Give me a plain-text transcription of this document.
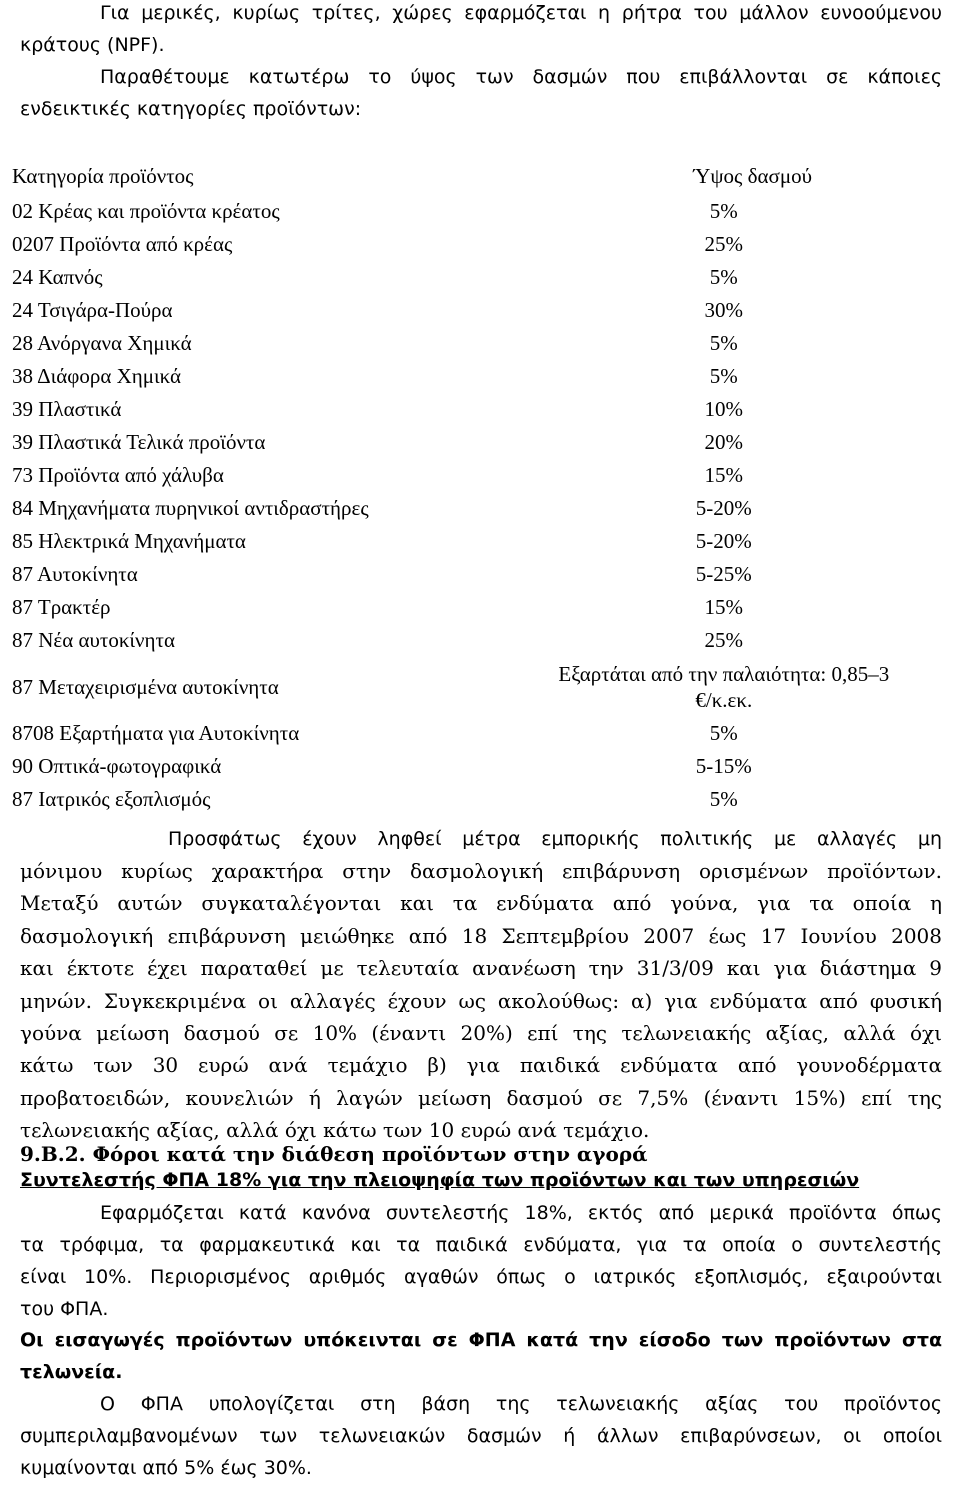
Για μερικές, κυρίως τρίτες, χώρες εφαρμόζεται η ρήτρα του μάλλον ευνοούμενου

κράτους (NPF).

Παραθέτουμε κατωτέρω το ύψος των δασμών που επιβάλλονται σε κάποιες

ενδεικτικές κατηγορίες προϊόντων:

Κατηγορία προϊόντος	Ύψος δασμού
02 Κρέας και προϊόντα κρέατος	5%
0207 Προϊόντα από κρέας	25%
24 Καπνός	5%
24 Τσιγάρα-Πούρα	30%
28 Ανόργανα Χημικά	5%
38 Διάφορα Χημικά	5%
39 Πλαστικά	10%
39 Πλαστικά Τελικά προϊόντα	20%
73 Προϊόντα από χάλυβα	15%
84 Μηχανήματα πυρηνικοί αντιδραστήρες	5-20%
85 Ηλεκτρικά Μηχανήματα	5-20%
87 Αυτοκίνητα	5-25%
87 Τρακτέρ	15%
87 Νέα αυτοκίνητα	25%
87 Μεταχειρισμένα αυτοκίνητα	Εξαρτάται από την παλαιότητα: 0,85–3
€/κ.εκ.
8708 Εξαρτήματα για Αυτοκίνητα	5%
90 Οπτικά-φωτογραφικά	5-15%
87 Ιατρικός εξοπλισμός	5%

Προσφάτως έχουν ληφθεί μέτρα εμπορικής πολιτικής με αλλαγές μη

μόνιμου κυρίως χαρακτήρα στην δασμολογική επιβάρυνση ορισμένων προϊόντων.

Μεταξύ αυτών συγκαταλέγονται και τα ενδύματα από γούνα, για τα οποία η

δασμολογική επιβάρυνση μειώθηκε από 18 Σεπτεμβρίου 2007 έως 17 Ιουνίου 2008

και έκτοτε έχει παραταθεί με τελευταία ανανέωση την 31/3/09 και για διάστημα 9

μηνών. Συγκεκριμένα οι αλλαγές έχουν ως ακολούθως: α) για ενδύματα από φυσική

γούνα μείωση δασμού σε 10% (έναντι 20%) επί της τελωνειακής αξίας, αλλά όχι

κάτω των 30 ευρώ ανά τεμάχιο β) για παιδικά ενδύματα από γουνοδέρματα

προβατοειδών, κουνελιών ή λαγών μείωση δασμού σε 7,5% (έναντι 15%) επί της

τελωνειακής αξίας, αλλά όχι κάτω των 10 ευρώ ανά τεμάχιο.

9.Β.2. Φόροι κατά την διάθεση προϊόντων στην αγορά

Συντελεστής ΦΠΑ 18% για την πλειοψηφία των προϊόντων και των υπηρεσιών

Εφαρμόζεται κατά κανόνα συντελεστής 18%, εκτός από μερικά προϊόντα όπως

τα τρόφιμα, τα φαρμακευτικά και τα παιδικά ενδύματα, για τα οποία ο συντελεστής

είναι 10%. Περιορισμένος αριθμός αγαθών όπως ο ιατρικός εξοπλισμός, εξαιρούνται

του ΦΠΑ.

Οι εισαγωγές προϊόντων υπόκεινται σε ΦΠΑ κατά την είσοδο των προϊόντων στα

τελωνεία.

Ο ΦΠΑ υπολογίζεται στη βάση της τελωνειακής αξίας του προϊόντος

συμπεριλαμβανομένων των τελωνειακών δασμών ή άλλων επιβαρύνσεων, οι οποίοι

κυμαίνονται από 5% έως 30%.
